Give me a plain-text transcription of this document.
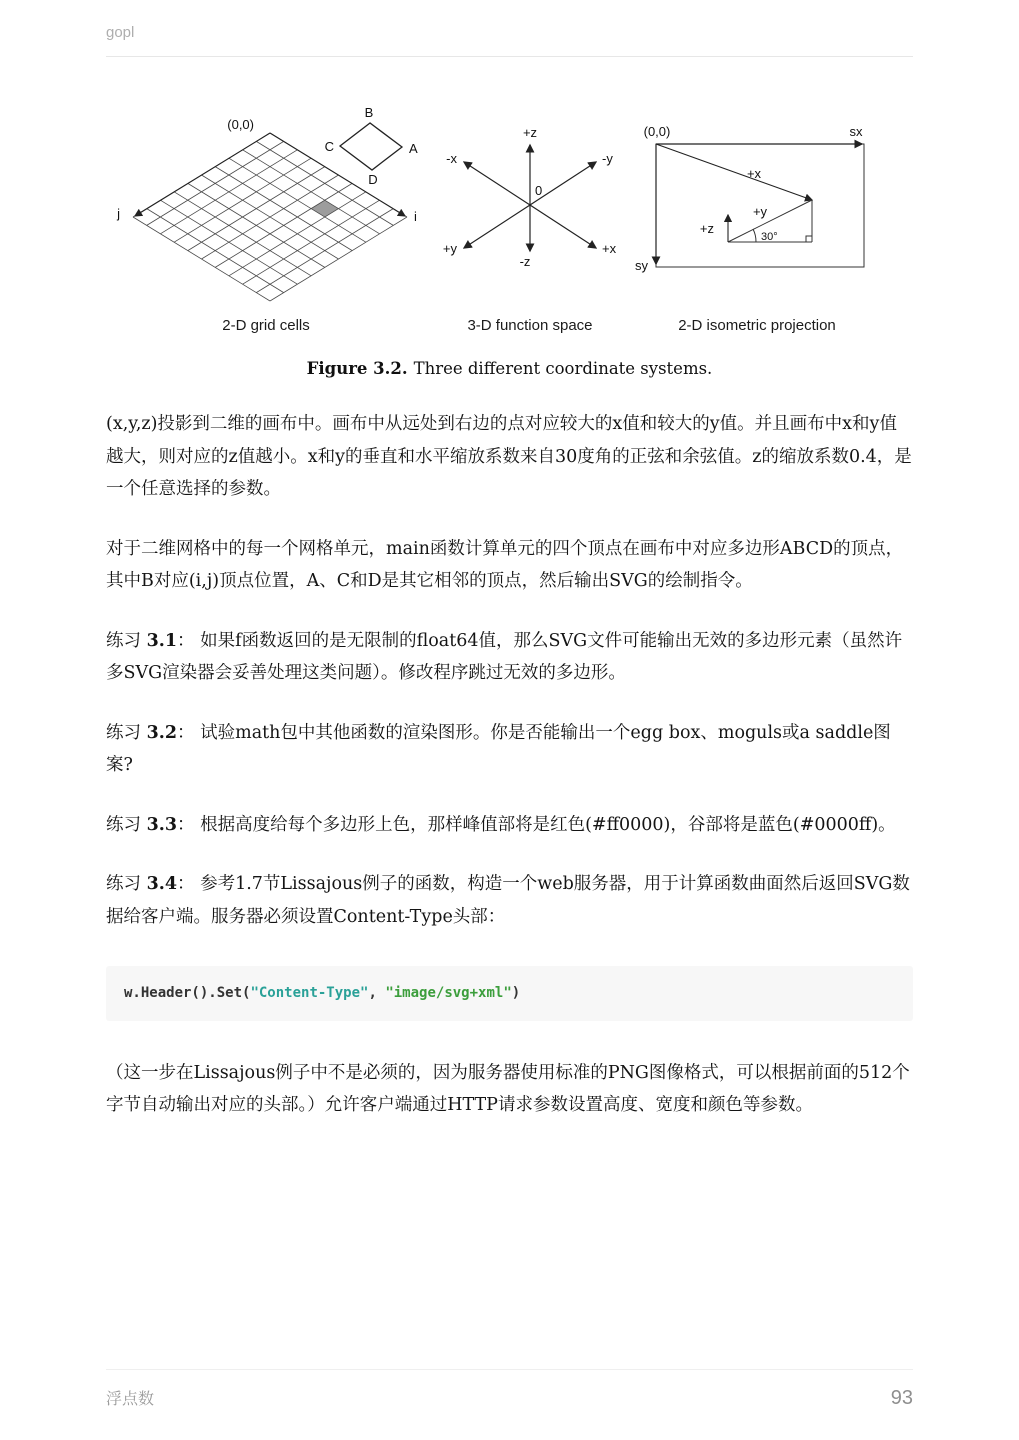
gopl
(0,0)
j	i
B
C	A
D
2-D grid cells
+z
-z
-x	-y
+y	+x
0
3-D function space
(0,0)	sx
sy
+x
+y
+z
30°
2-D isometric projection
Figure 3.2. Three different coordinate systems.

(x,y,z)投影到二维的画布中。画布中从远处到右边的点对应较大的x值和较大的y值。并且画布中x和y值越大，则对应的z值越小。x和y的垂直和水平缩放系数来自30度角的正弦和余弦值。z的缩放系数0.4，是一个任意选择的参数。

对于二维网格中的每一个网格单元，main函数计算单元的四个顶点在画布中对应多边形ABCD的顶点，其中B对应(i,j)顶点位置，A、C和D是其它相邻的顶点，然后输出SVG的绘制指令。

练习 3.1： 如果f函数返回的是无限制的float64值，那么SVG文件可能输出无效的多边形元素（虽然许多SVG渲染器会妥善处理这类问题）。修改程序跳过无效的多边形。

练习 3.2： 试验math包中其他函数的渲染图形。你是否能输出一个egg box、moguls或a saddle图案?

练习 3.3： 根据高度给每个多边形上色，那样峰值部将是红色(#ff0000)，谷部将是蓝色(#0000ff)。

练习 3.4： 参考1.7节Lissajous例子的函数，构造一个web服务器，用于计算函数曲面然后返回SVG数据给客户端。服务器必须设置Content-Type头部：

w.Header().Set("Content-Type", "image/svg+xml")

（这一步在Lissajous例子中不是必须的，因为服务器使用标准的PNG图像格式，可以根据前面的512个字节自动输出对应的头部。）允许客户端通过HTTP请求参数设置高度、宽度和颜色等参数。

浮点数	93
